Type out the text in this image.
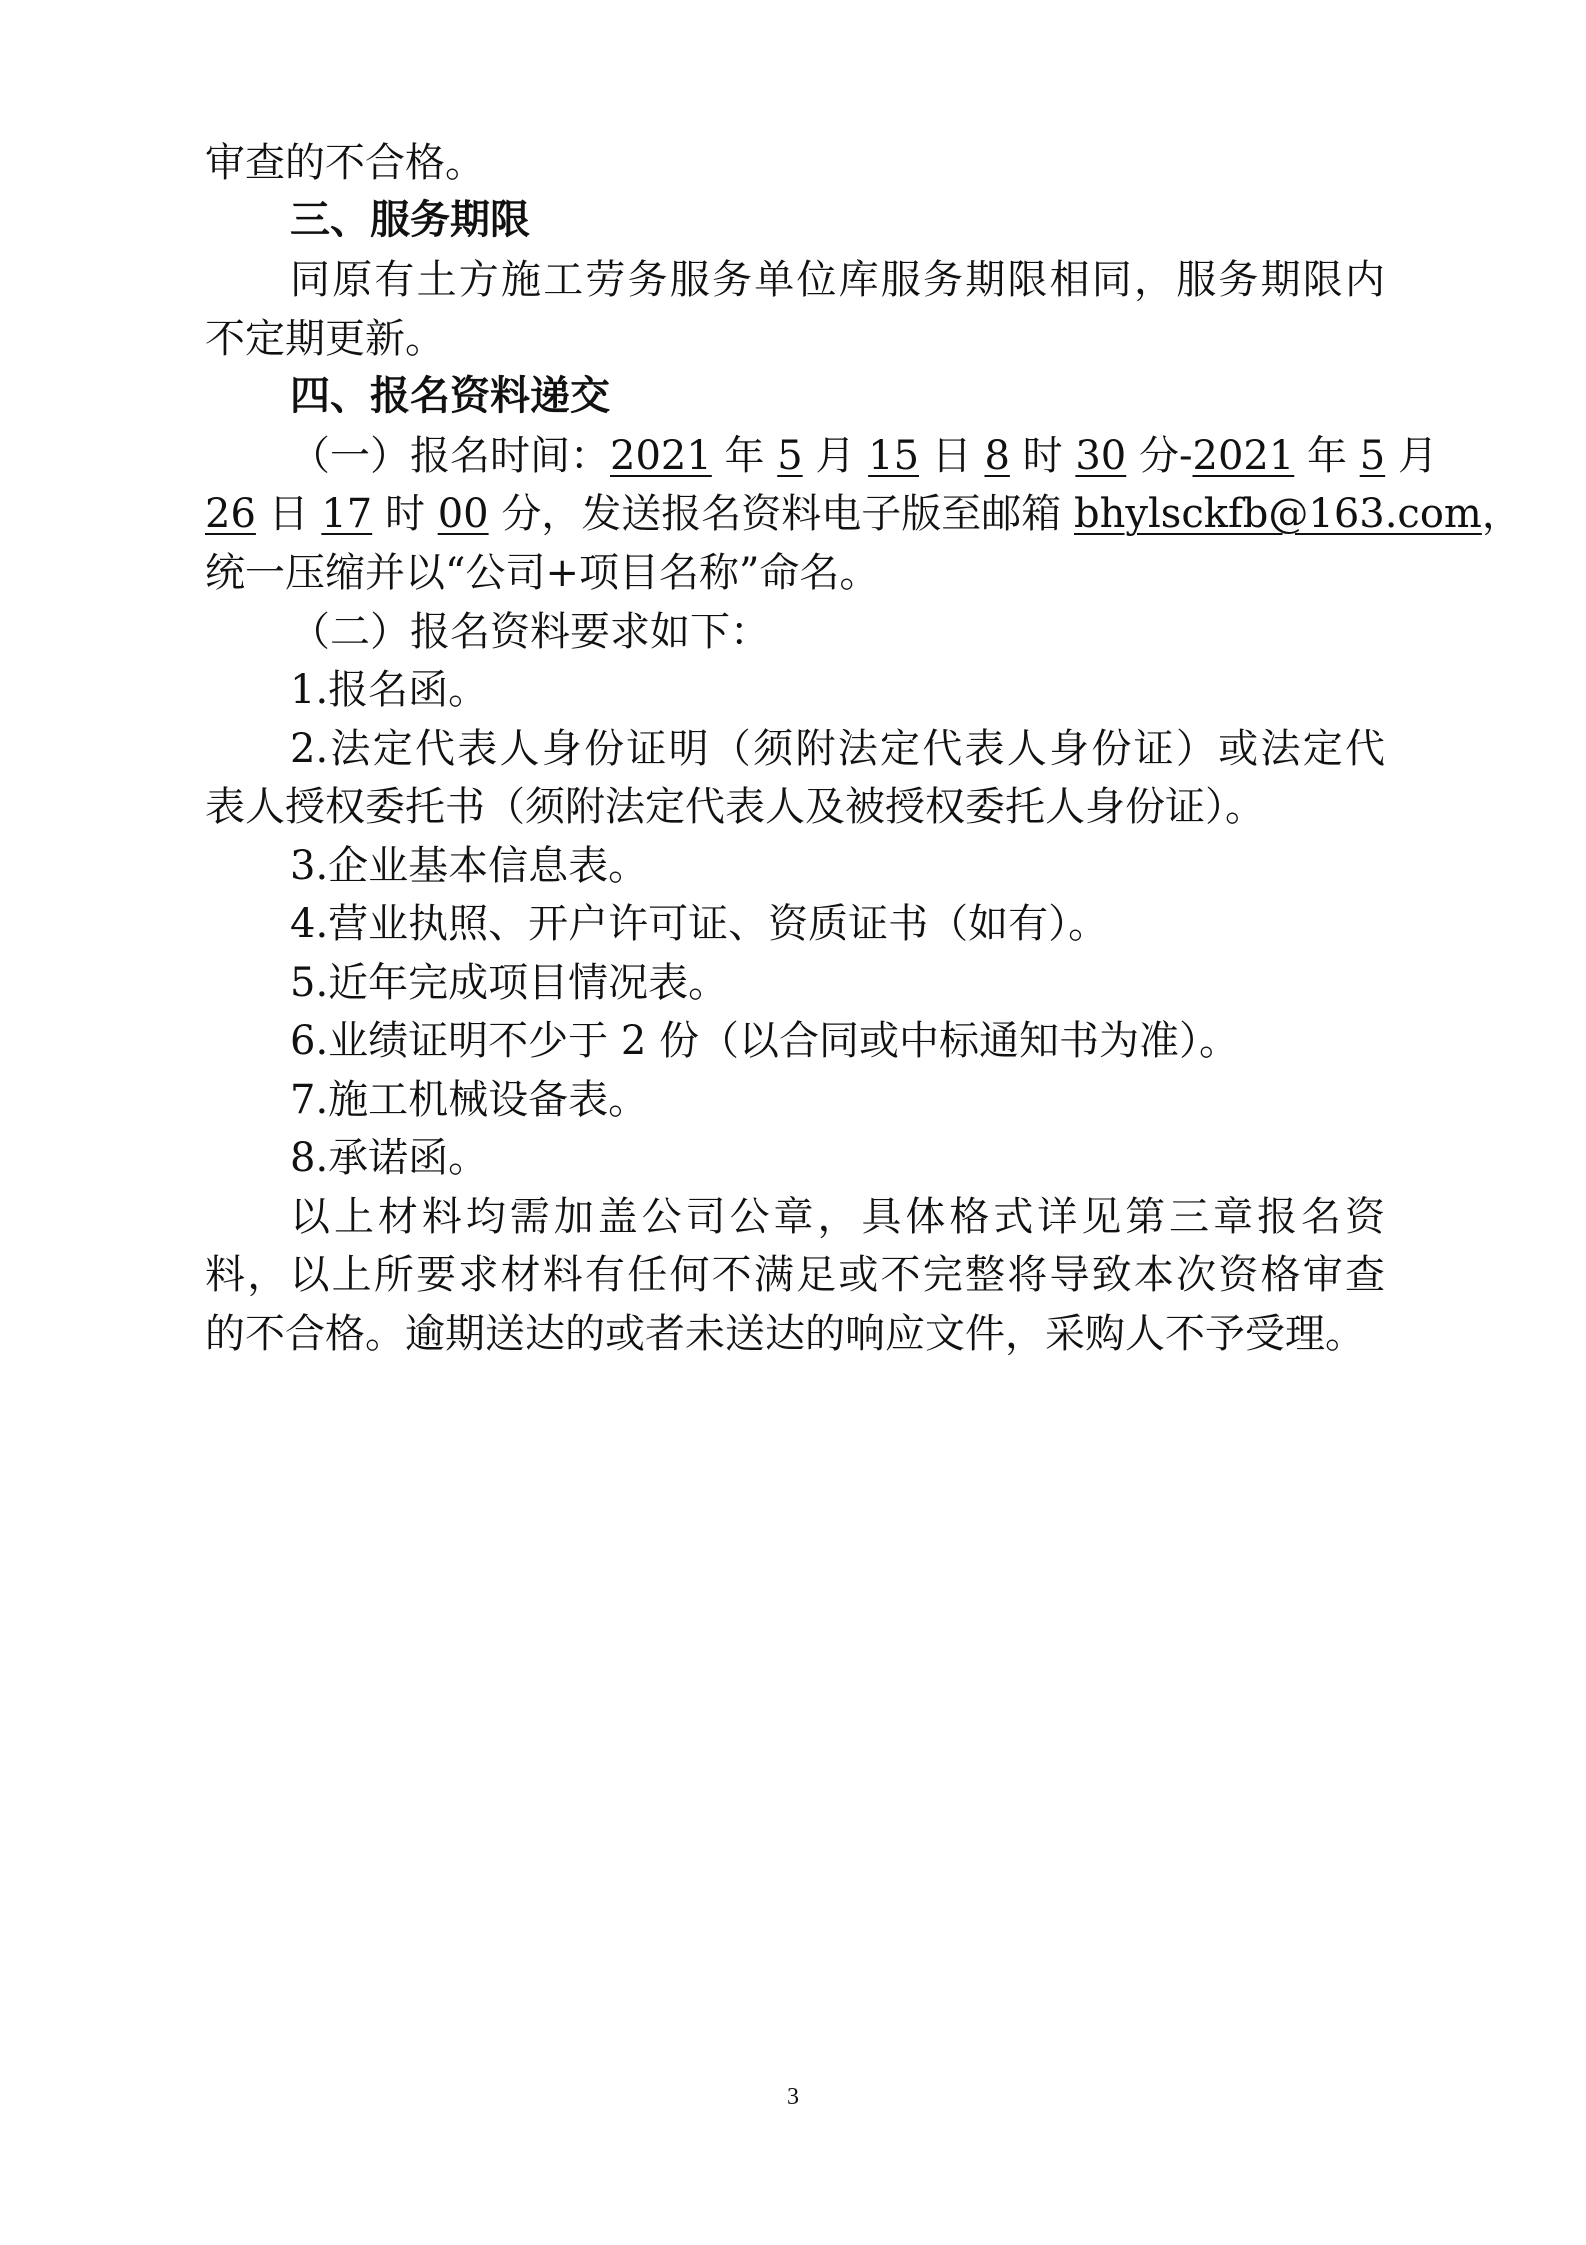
审查的不合格。
三、服务期限
同原有土方施工劳务服务单位库服务期限相同，服务期限内
不定期更新。
四、报名资料递交
（一）报名时间：2021 年 5 月 15 日 8 时 30 分-2021 年 5 月
26 日 17 时 00 分，发送报名资料电子版至邮箱 bhylsckfb@163.com，
统一压缩并以“公司+项目名称”命名。
（二）报名资料要求如下：
1.报名函。
2.法定代表人身份证明（须附法定代表人身份证）或法定代
表人授权委托书（须附法定代表人及被授权委托人身份证）。
3.企业基本信息表。
4.营业执照、开户许可证、资质证书（如有）。
5.近年完成项目情况表。
6.业绩证明不少于 2 份（以合同或中标通知书为准）。
7.施工机械设备表。
8.承诺函。
以上材料均需加盖公司公章，具体格式详见第三章报名资
料，以上所要求材料有任何不满足或不完整将导致本次资格审查
的不合格。逾期送达的或者未送达的响应文件，采购人不予受理。
3
